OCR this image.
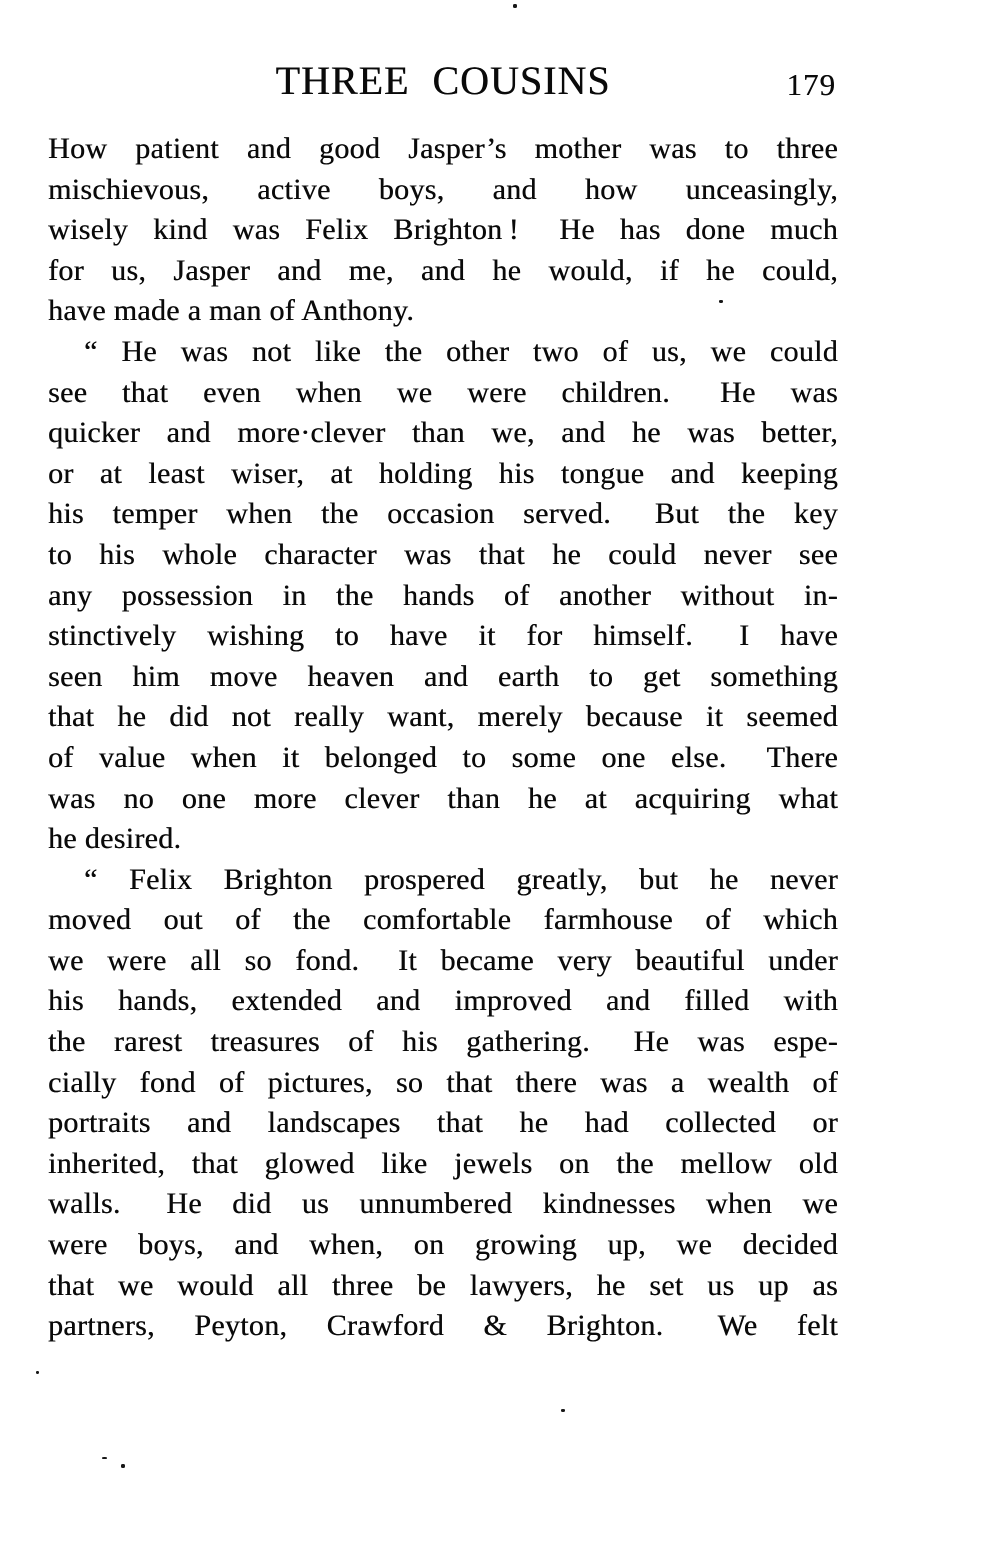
THREE COUSINS	179
How patient and good Jasper’s mother was to three
mischievous, active boys, and how unceasingly,
wisely kind was Felix Brighton !  He has done much
for us, Jasper and me, and he would, if he could,
have made a man of Anthony.
“ He was not like the other two of us, we could
see that even when we were children.  He was
quicker and more·clever than we, and he was better,
or at least wiser, at holding his tongue and keeping
his temper when the occasion served.  But the key
to his whole character was that he could never see
any possession in the hands of another without in-
stinctively wishing to have it for himself.  I have
seen him move heaven and earth to get something
that he did not really want, merely because it seemed
of value when it belonged to some one else.  There
was no one more clever than he at acquiring what
he desired.
“ Felix Brighton prospered greatly, but he never
moved out of the comfortable farmhouse of which
we were all so fond.  It became very beautiful under
his hands, extended and improved and filled with
the rarest treasures of his gathering.  He was espe-
cially fond of pictures, so that there was a wealth of
portraits and landscapes that he had collected or
inherited, that glowed like jewels on the mellow old
walls.  He did us unnumbered kindnesses when we
were boys, and when, on growing up, we decided
that we would all three be lawyers, he set us up as
partners, Peyton, Crawford & Brighton.  We felt
